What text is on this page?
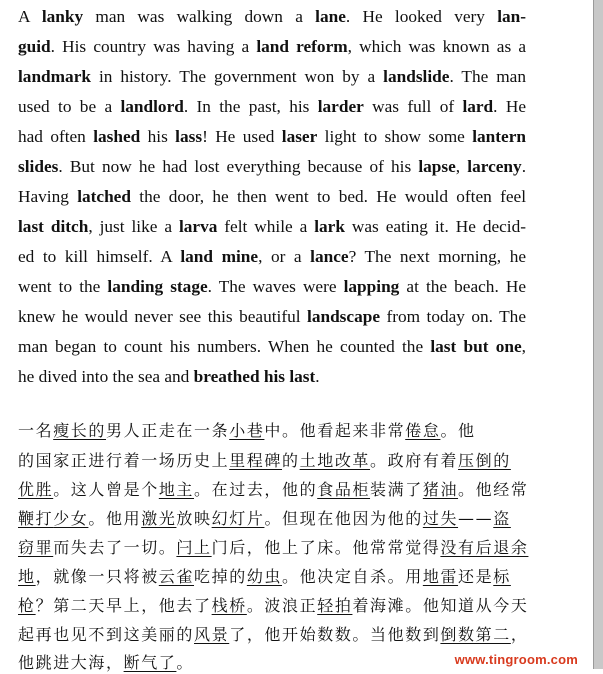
A lanky man was walking down a lane. He looked very lan-
guid. His country was having a land reform, which was known as a
landmark in history. The government won by a landslide. The man
used to be a landlord. In the past, his larder was full of lard. He
had often lashed his lass! He used laser light to show some lantern
slides. But now he had lost everything because of his lapse, larceny.
Having latched the door, he then went to bed. He would often feel
last ditch, just like a larva felt while a lark was eating it. He decid-
ed to kill himself. A land mine, or a lance? The next morning, he
went to the landing stage. The waves were lapping at the beach. He
knew he would never see this beautiful landscape from today on. The
man began to count his numbers. When he counted the last but one,
he dived into the sea and breathed his last.
一名瘦长的男人正走在一条小巷中。他看起来非常倦怠。他
的国家正进行着一场历史上里程碑的土地改革。政府有着压倒的
优胜。这人曾是个地主。在过去，他的食品柜装满了猪油。他经常
鞭打少女。他用激光放映幻灯片。但现在他因为他的过失——盗
窃罪而失去了一切。闩上门后，他上了床。他常常觉得没有后退余
地，就像一只将被云雀吃掉的幼虫。他决定自杀。用地雷还是标
枪？第二天早上，他去了栈桥。波浪正轻拍着海滩。他知道从今天
起再也见不到这美丽的风景了，他开始数数。当他数到倒数第二，
他跳进大海，断气了。	www.tingroom.com
